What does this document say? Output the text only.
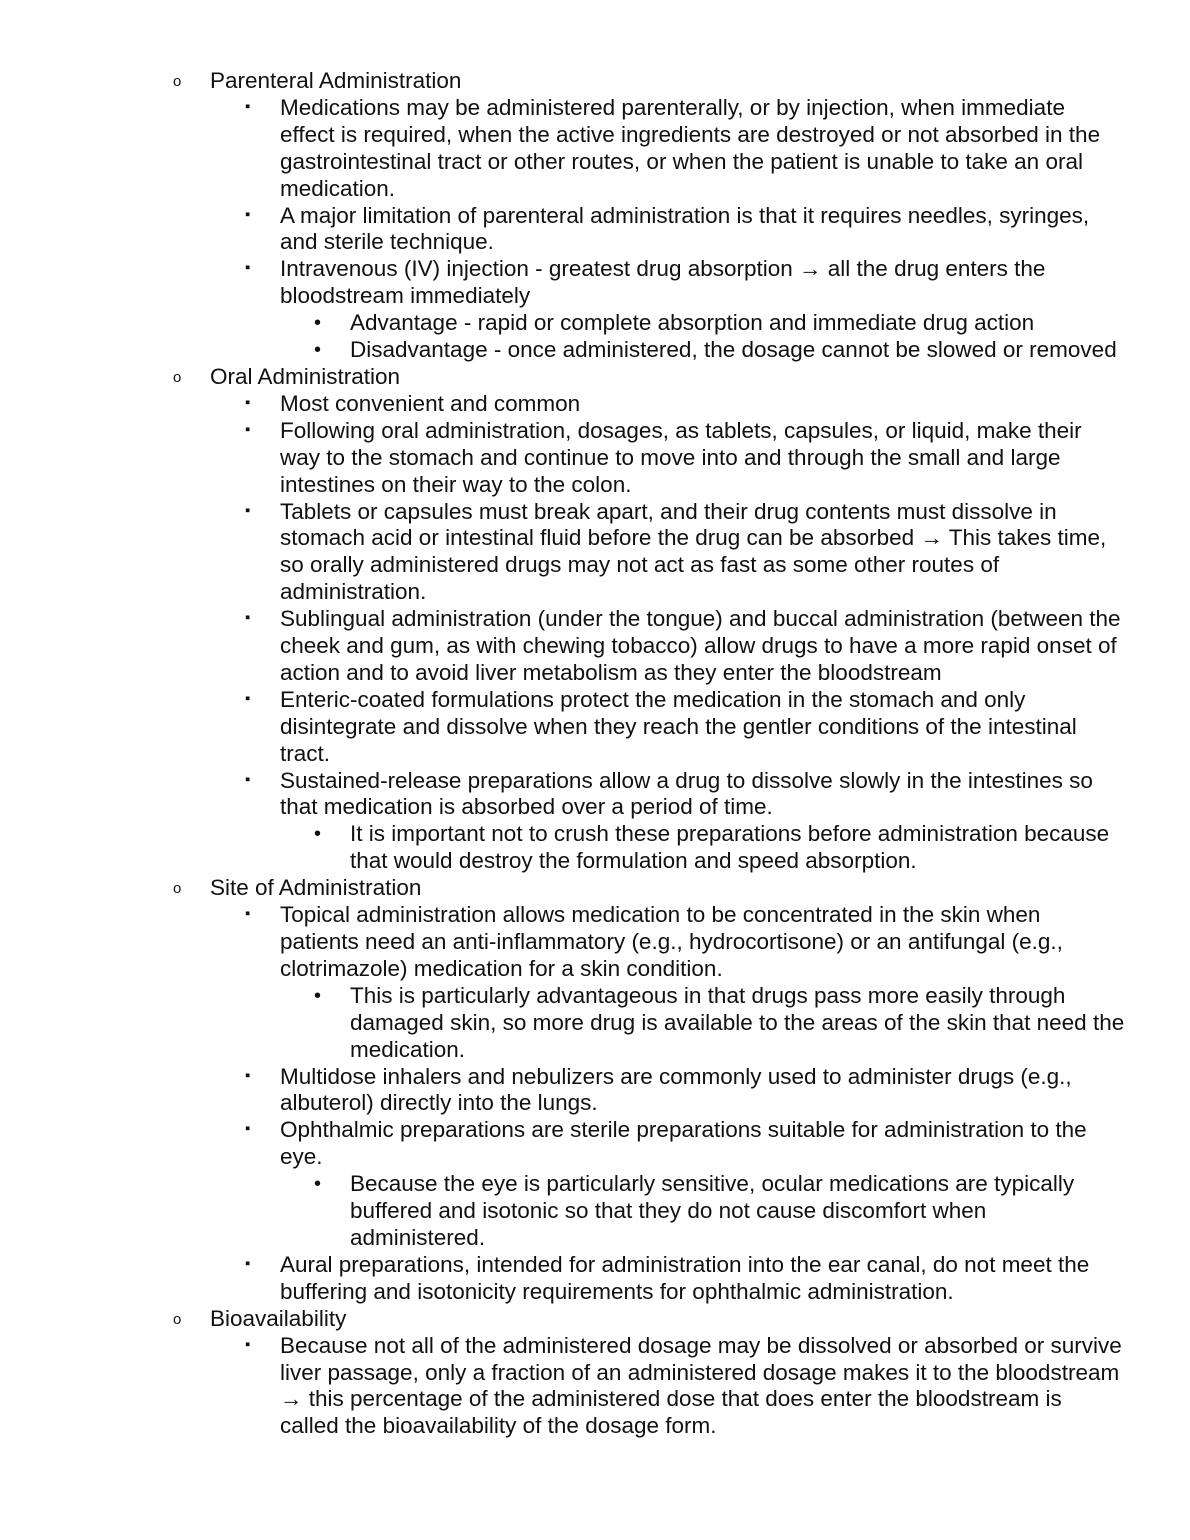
o Parenteral Administration
▪ Medications may be administered parenterally, or by injection, when immediate effect is required, when the active ingredients are destroyed or not absorbed in the gastrointestinal tract or other routes, or when the patient is unable to take an oral medication.
▪ A major limitation of parenteral administration is that it requires needles, syringes, and sterile technique.
▪ Intravenous (IV) injection - greatest drug absorption → all the drug enters the bloodstream immediately
• Advantage - rapid or complete absorption and immediate drug action
• Disadvantage - once administered, the dosage cannot be slowed or removed
o Oral Administration
▪ Most convenient and common
▪ Following oral administration, dosages, as tablets, capsules, or liquid, make their way to the stomach and continue to move into and through the small and large intestines on their way to the colon.
▪ Tablets or capsules must break apart, and their drug contents must dissolve in stomach acid or intestinal fluid before the drug can be absorbed → This takes time, so orally administered drugs may not act as fast as some other routes of administration.
▪ Sublingual administration (under the tongue) and buccal administration (between the cheek and gum, as with chewing tobacco) allow drugs to have a more rapid onset of action and to avoid liver metabolism as they enter the bloodstream
▪ Enteric-coated formulations protect the medication in the stomach and only disintegrate and dissolve when they reach the gentler conditions of the intestinal tract.
▪ Sustained-release preparations allow a drug to dissolve slowly in the intestines so that medication is absorbed over a period of time.
• It is important not to crush these preparations before administration because that would destroy the formulation and speed absorption.
o Site of Administration
▪ Topical administration allows medication to be concentrated in the skin when patients need an anti-inflammatory (e.g., hydrocortisone) or an antifungal (e.g., clotrimazole) medication for a skin condition.
• This is particularly advantageous in that drugs pass more easily through damaged skin, so more drug is available to the areas of the skin that need the medication.
▪ Multidose inhalers and nebulizers are commonly used to administer drugs (e.g., albuterol) directly into the lungs.
▪ Ophthalmic preparations are sterile preparations suitable for administration to the eye.
• Because the eye is particularly sensitive, ocular medications are typically buffered and isotonic so that they do not cause discomfort when administered.
▪ Aural preparations, intended for administration into the ear canal, do not meet the buffering and isotonicity requirements for ophthalmic administration.
o Bioavailability
▪ Because not all of the administered dosage may be dissolved or absorbed or survive liver passage, only a fraction of an administered dosage makes it to the bloodstream → this percentage of the administered dose that does enter the bloodstream is called the bioavailability of the dosage form.
